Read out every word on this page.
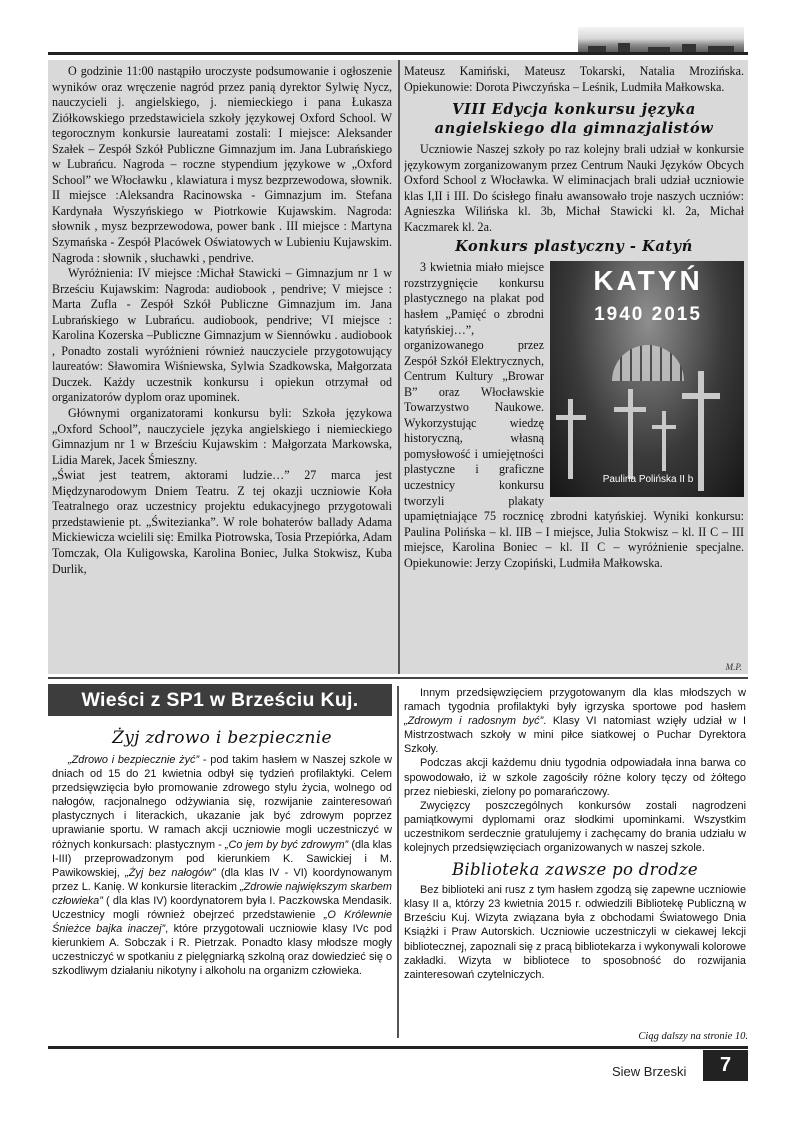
O godzinie 11:00 nastąpiło uroczyste podsumowanie i ogłoszenie wyników oraz wręczenie nagród przez panią dyrektor Sylwię Nycz, nauczycieli j. angielskiego, j. niemieckiego i pana Łukasza Ziółkowskiego przedstawiciela szkoły językowej Oxford School. W tegorocznym konkursie laureatami zostali: I miejsce: Aleksander Szałek – Zespół Szkół Publiczne Gimnazjum im. Jana Lubrańskiego w Lubrańcu. Nagroda – roczne stypendium językowe w „Oxford School” we Włocławku , klawiatura i mysz bezprzewodowa, słownik. II miejsce :Aleksandra Racinowska - Gimnazjum im. Stefana Kardynała Wyszyńskiego w Piotrkowie Kujawskim. Nagroda: słownik , mysz bezprzewodowa, power bank . III miejsce : Martyna Szymańska - Zespół Placówek Oświatowych w Lubieniu Kujawskim. Nagroda : słownik , słuchawki , pendrive.

Wyróżnienia: IV miejsce :Michał Stawicki – Gimnazjum nr 1 w Brześciu Kujawskim: Nagroda: audiobook , pendrive; V miejsce : Marta Zufla - Zespół Szkół Publiczne Gimnazjum im. Jana Lubrańskiego w Lubrańcu. audiobook, pendrive; VI miejsce : Karolina Kozerska –Publiczne Gimnazjum w Siennówku . audiobook , Ponadto zostali wyróżnieni również nauczyciele przygotowujący laureatów: Sławomira Wiśniewska, Sylwia Szadkowska, Małgorzata Duczek. Każdy uczestnik konkursu i opiekun otrzymał od organizatorów dyplom oraz upominek.

Głównymi organizatorami konkursu byli: Szkoła językowa „Oxford School”, nauczyciele języka angielskiego i niemieckiego Gimnazjum nr 1 w Brześciu Kujawskim : Małgorzata Markowska, Lidia Marek, Jacek Śmieszny.

„Świat jest teatrem, aktorami ludzie…” 27 marca jest Międzynarodowym Dniem Teatru. Z tej okazji uczniowie Koła Teatralnego oraz uczestnicy projektu edukacyjnego przygotowali przedstawienie pt. „Świtezianka”. W role bohaterów ballady Adama Mickiewicza wcielili się: Emilka Piotrowska, Tosia Przepiórka, Adam Tomczak, Ola Kuligowska, Karolina Boniec, Julka Stokwisz, Kuba Durlik,

Mateusz Kamiński, Mateusz Tokarski, Natalia Mrozińska. Opiekunowie: Dorota Piwczyńska – Leśnik, Ludmiła Małkowska.

VIII Edycja konkursu języka
angielskiego dla gimnazjalistów

Uczniowie Naszej szkoły po raz kolejny brali udział w konkursie językowym zorganizowanym przez Centrum Nauki Języków Obcych Oxford School z Włocławka. W eliminacjach brali udział uczniowie klas I,II i III. Do ścisłego finału awansowało troje naszych uczniów: Agnieszka Wilińska kl. 3b, Michał Stawicki kl. 2a, Michał Kaczmarek kl. 2a.

Konkurs plastyczny - Katyń
KATYŃ
1940 2015
Paulina Polińska II b

3 kwietnia miało miejsce rozstrzygnięcie konkursu plastycznego na plakat pod hasłem „Pamięć o zbrodni katyńskiej…”, organizowanego przez Zespół Szkół Elektrycznych, Centrum Kultury „Browar B” oraz Włocławskie Towarzystwo Naukowe. Wykorzystując wiedzę historyczną, własną pomysłowość i umiejętności plastyczne i graficzne uczestnicy konkursu tworzyli plakaty upamiętniające 75 rocznicę zbrodni katyńskiej. Wyniki konkursu: Paulina Polińska – kl. IIB – I miejsce, Julia Stokwisz – kl. II C – III miejsce, Karolina Boniec – kl. II C – wyróżnienie specjalne. Opiekunowie: Jerzy Czopiński, Ludmiła Małkowska.

M.P.
Wieści z SP1 w Brześciu Kuj.
Żyj zdrowo i bezpiecznie

„Zdrowo i bezpiecznie żyć” - pod takim hasłem w Naszej szkole w dniach od 15 do 21 kwietnia odbył się tydzień profilaktyki. Celem przedsięwzięcia było promowanie zdrowego stylu życia, wolnego od nałogów, racjonalnego odżywiania się, rozwijanie zainteresowań plastycznych i literackich, ukazanie jak być zdrowym poprzez uprawianie sportu. W ramach akcji uczniowie mogli uczestniczyć w różnych konkursach: plastycznym - „Co jem by być zdrowym” (dla klas I-III) przeprowadzonym pod kierunkiem K. Sawickiej i M. Pawikowskiej, „Żyj bez nałogów” (dla klas IV - VI) koordynowanym przez L. Kanię. W konkursie literackim „Zdrowie największym skarbem człowieka” ( dla klas IV) koordynatorem była I. Paczkowska Mendasik. Uczestnicy mogli również obejrzeć przedstawienie „O Królewnie Śnieżce bajka inaczej”, które przygotowali uczniowie klasy IVc pod kierunkiem A. Sobczak i R. Pietrzak. Ponadto klasy młodsze mogły uczestniczyć w spotkaniu z pielęgniarką szkolną oraz dowiedzieć się o szkodliwym działaniu nikotyny i alkoholu na organizm człowieka.

Innym przedsięwzięciem przygotowanym dla klas młodszych w ramach tygodnia profilaktyki były igrzyska sportowe pod hasłem „Zdrowym i radosnym być”. Klasy VI natomiast wzięły udział w I Mistrzostwach szkoły w mini piłce siatkowej o Puchar Dyrektora Szkoły.

Podczas akcji każdemu dniu tygodnia odpowiadała inna barwa co spowodowało, iż w szkole zagościły różne kolory tęczy od żółtego przez niebieski, zielony po pomarańczowy.

Zwycięzcy poszczególnych konkursów zostali nagrodzeni pamiątkowymi dyplomami oraz słodkimi upominkami. Wszystkim uczestnikom serdecznie gratulujemy i zachęcamy do brania udziału w kolejnych przedsięwzięciach organizowanych w naszej szkole.

Biblioteka zawsze po drodze

Bez biblioteki ani rusz z tym hasłem zgodzą się zapewne uczniowie klasy II a, którzy 23 kwietnia 2015 r. odwiedzili Bibliotekę Publiczną w Brześciu Kuj. Wizyta związana była z obchodami Światowego Dnia Książki i Praw Autorskich. Uczniowie uczestniczyli w ciekawej lekcji bibliotecznej, zapoznali się z pracą bibliotekarza i wykonywali kolorowe zakładki. Wizyta w bibliotece to sposobność do rozwijania zainteresowań czytelniczych.

Ciąg dalszy na stronie 10.
Siew Brzeski	7
